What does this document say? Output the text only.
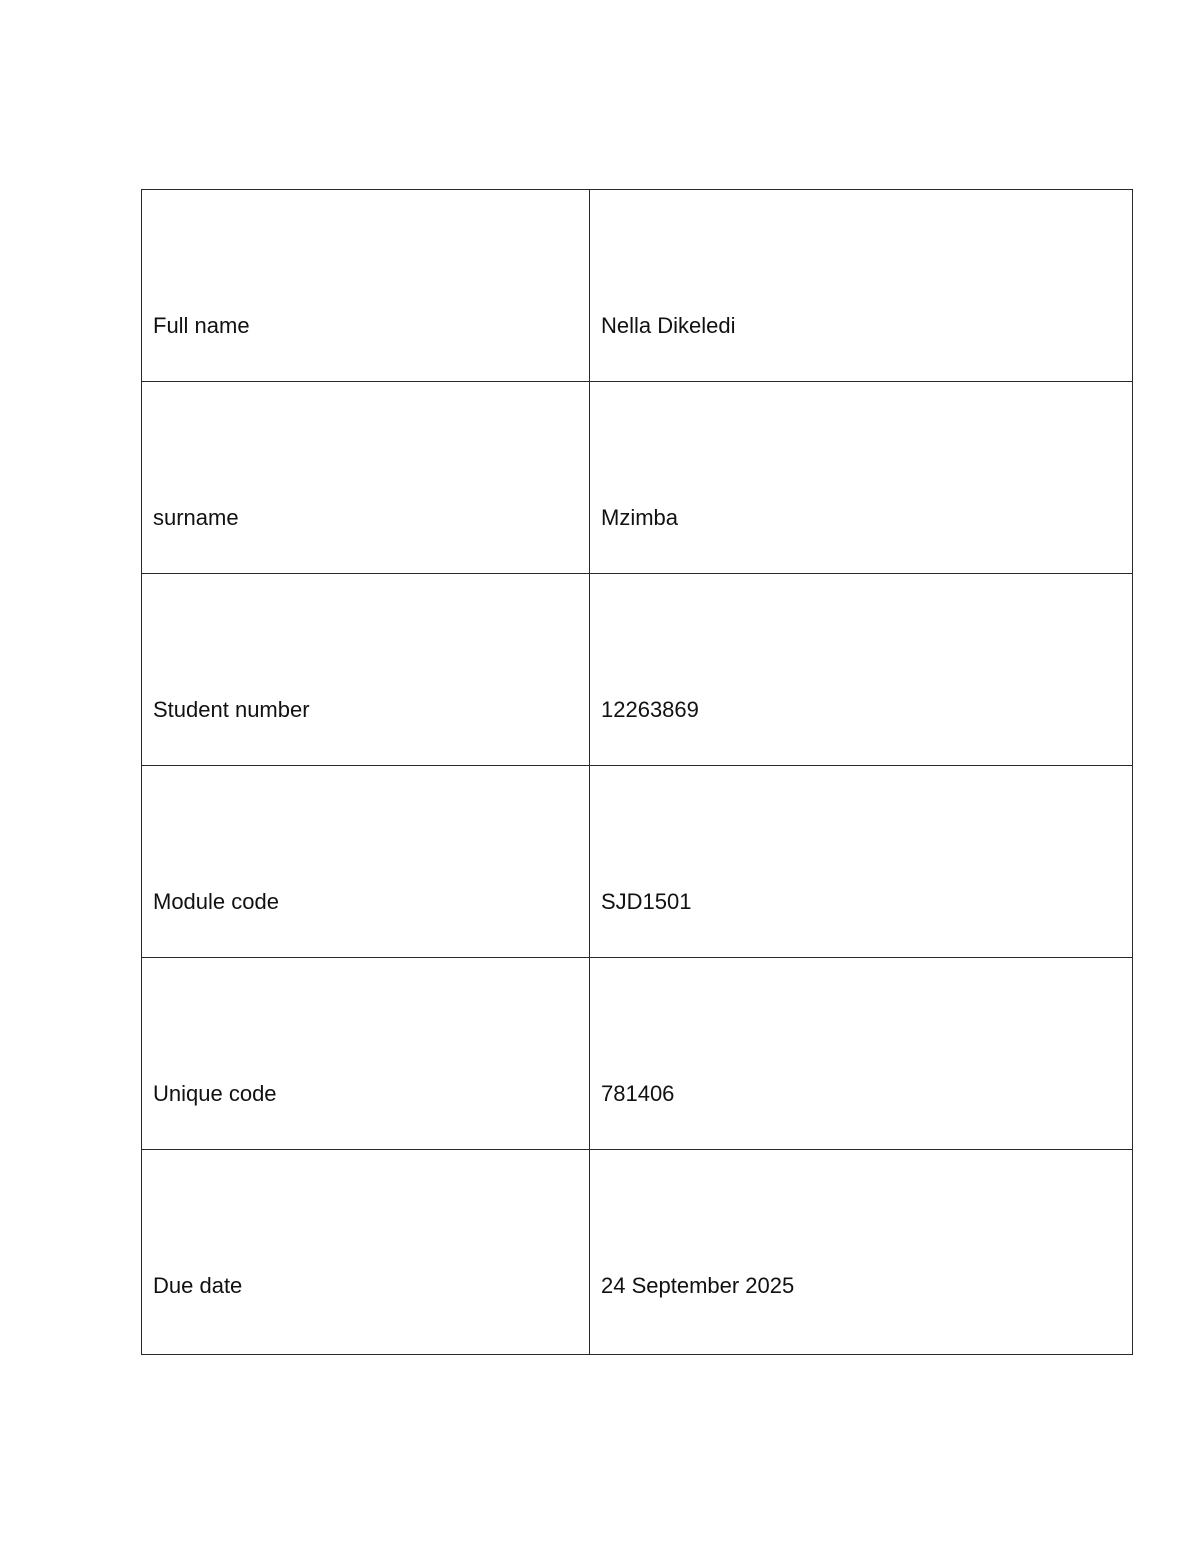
Full name	Nella Dikeledi
surname	Mzimba
Student number	12263869
Module code	SJD1501
Unique code	781406
Due date	24 September 2025
